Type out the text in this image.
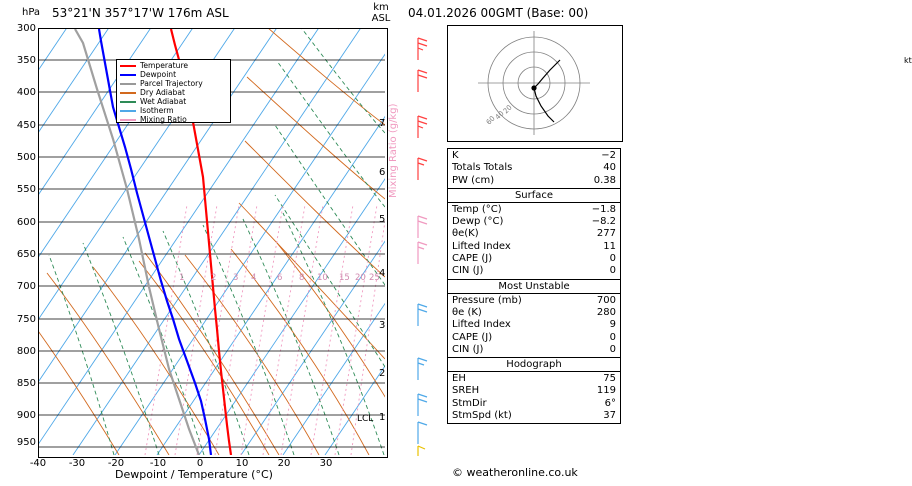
hPa 53°21'N 357°17'W 176m ASL	km
ASL
Temperature
Dewpoint
Parcel Trajectory
Dry Adiabat
Wet Adiabat
Isotherm
Mixing Ratio
1	2 3 4 6 8 10 15 20 25
LCL
300
350
400
450
500
550
600
650
700
750
800
850
900
950
7
6
5
4
3
2
1
Mixing Ratio (g/kg)
-40	-30	-20	-10	0	10	20	30
Dewpoint / Temperature (°C)
04.01.2026 00GMT (Base: 00)
kt
20
40
60
K	−2
Totals Totals	40
PW (cm)	0.38
Surface
Temp (°C)	−1.8
Dewp (°C)	−8.2
θe(K)	277
Lifted Index	11
CAPE (J)	0
CIN (J)	0
Most Unstable
Pressure (mb)	700
θe (K)	280
Lifted Index	9
CAPE (J)	0
CIN (J)	0
Hodograph
EH	75
SREH	119
StmDir	6°
StmSpd (kt)	37
© weatheronline.co.uk
